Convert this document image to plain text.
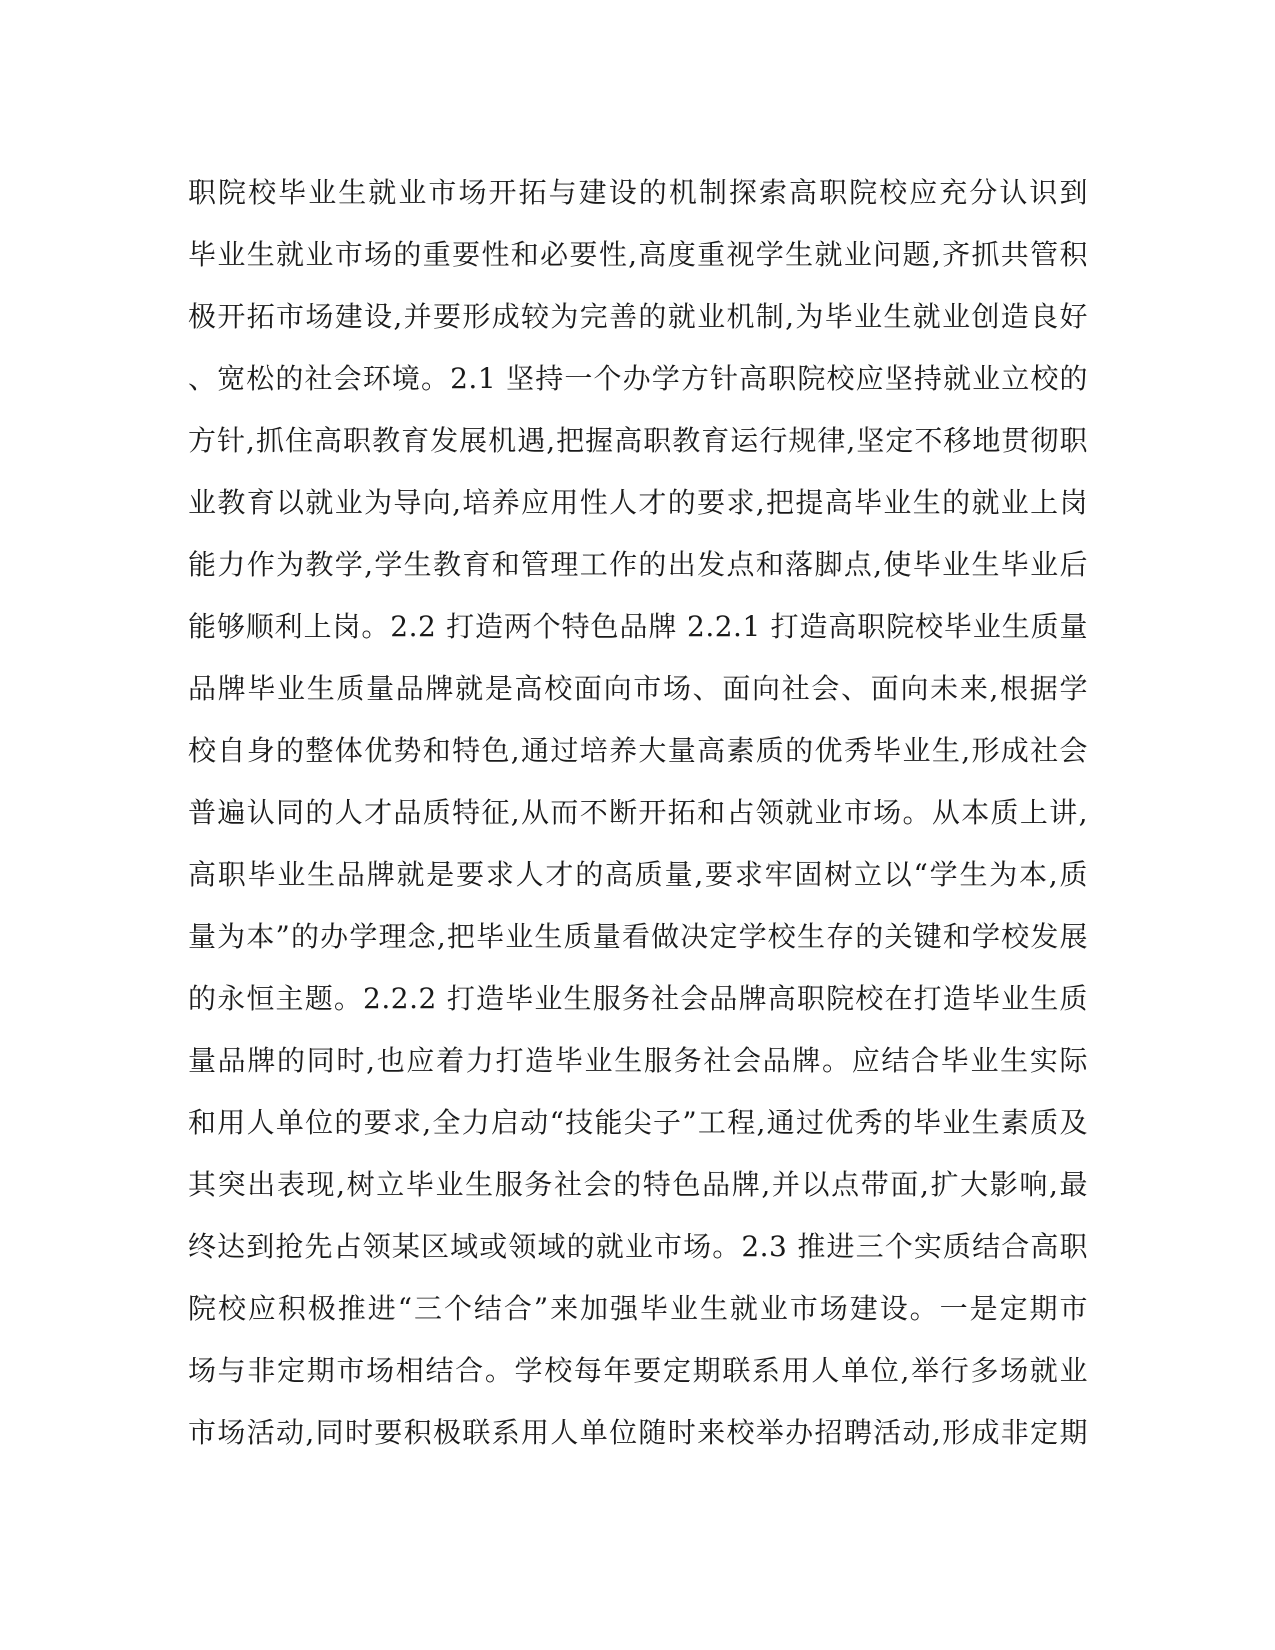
职院校毕业生就业市场开拓与建设的机制探索高职院校应充分认识到
毕业生就业市场的重要性和必要性,高度重视学生就业问题,齐抓共管积
极开拓市场建设,并要形成较为完善的就业机制,为毕业生就业创造良好
、宽松的社会环境。2.1 坚持一个办学方针高职院校应坚持就业立校的
方针,抓住高职教育发展机遇,把握高职教育运行规律,坚定不移地贯彻职
业教育以就业为导向,培养应用性人才的要求,把提高毕业生的就业上岗
能力作为教学,学生教育和管理工作的出发点和落脚点,使毕业生毕业后
能够顺利上岗。2.2 打造两个特色品牌 2.2.1 打造高职院校毕业生质量
品牌毕业生质量品牌就是高校面向市场、面向社会、面向未来,根据学
校自身的整体优势和特色,通过培养大量高素质的优秀毕业生,形成社会
普遍认同的人才品质特征,从而不断开拓和占领就业市场。从本质上讲,
高职毕业生品牌就是要求人才的高质量,要求牢固树立以“学生为本,质
量为本”的办学理念,把毕业生质量看做决定学校生存的关键和学校发展
的永恒主题。2.2.2 打造毕业生服务社会品牌高职院校在打造毕业生质
量品牌的同时,也应着力打造毕业生服务社会品牌。应结合毕业生实际
和用人单位的要求,全力启动“技能尖子”工程,通过优秀的毕业生素质及
其突出表现,树立毕业生服务社会的特色品牌,并以点带面,扩大影响,最
终达到抢先占领某区域或领域的就业市场。2.3 推进三个实质结合高职
院校应积极推进“三个结合”来加强毕业生就业市场建设。一是定期市
场与非定期市场相结合。学校每年要定期联系用人单位,举行多场就业
市场活动,同时要积极联系用人单位随时来校举办招聘活动,形成非定期
